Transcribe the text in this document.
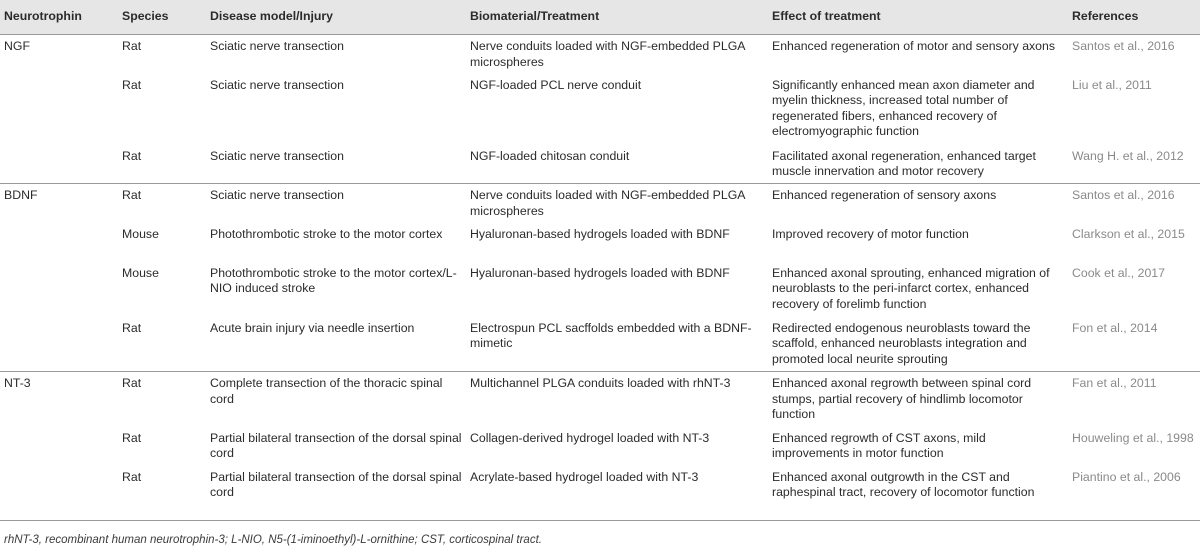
Neurotrophin	Species	Disease model/Injury	Biomaterial/Treatment	Effect of treatment	References
NGF	Rat	Sciatic nerve transection	Nerve conduits loaded with NGF-embedded PLGA microspheres	Enhanced regeneration of motor and sensory axons	Santos et al., 2016
	Rat	Sciatic nerve transection	NGF-loaded PCL nerve conduit	Significantly enhanced mean axon diameter and myelin thickness, increased total number of regenerated fibers, enhanced recovery of electromyographic function	Liu et al., 2011
	Rat	Sciatic nerve transection	NGF-loaded chitosan conduit	Facilitated axonal regeneration, enhanced target muscle innervation and motor recovery	Wang H. et al., 2012
BDNF	Rat	Sciatic nerve transection	Nerve conduits loaded with NGF-embedded PLGA microspheres	Enhanced regeneration of sensory axons	Santos et al., 2016
	Mouse	Photothrombotic stroke to the motor cortex	Hyaluronan-based hydrogels loaded with BDNF	Improved recovery of motor function	Clarkson et al., 2015
	Mouse	Photothrombotic stroke to the motor cortex/L-NIO induced stroke	Hyaluronan-based hydrogels loaded with BDNF	Enhanced axonal sprouting, enhanced migration of neuroblasts to the peri-infarct cortex, enhanced recovery of forelimb function	Cook et al., 2017
	Rat	Acute brain injury via needle insertion	Electrospun PCL sacffolds embedded with a BDNF-mimetic	Redirected endogenous neuroblasts toward the scaffold, enhanced neuroblasts integration and promoted local neurite sprouting	Fon et al., 2014
NT-3	Rat	Complete transection of the thoracic spinal cord	Multichannel PLGA conduits loaded with rhNT-3	Enhanced axonal regrowth between spinal cord stumps, partial recovery of hindlimb locomotor function	Fan et al., 2011
	Rat	Partial bilateral transection of the dorsal spinal cord	Collagen-derived hydrogel loaded with NT-3	Enhanced regrowth of CST axons, mild improvements in motor function	Houweling et al., 1998
	Rat	Partial bilateral transection of the dorsal spinal cord	Acrylate-based hydrogel loaded with NT-3	Enhanced axonal outgrowth in the CST and raphespinal tract, recovery of locomotor function	Piantino et al., 2006
rhNT-3, recombinant human neurotrophin-3; L-NIO, N5-(1-iminoethyl)-L-ornithine; CST, corticospinal tract.
